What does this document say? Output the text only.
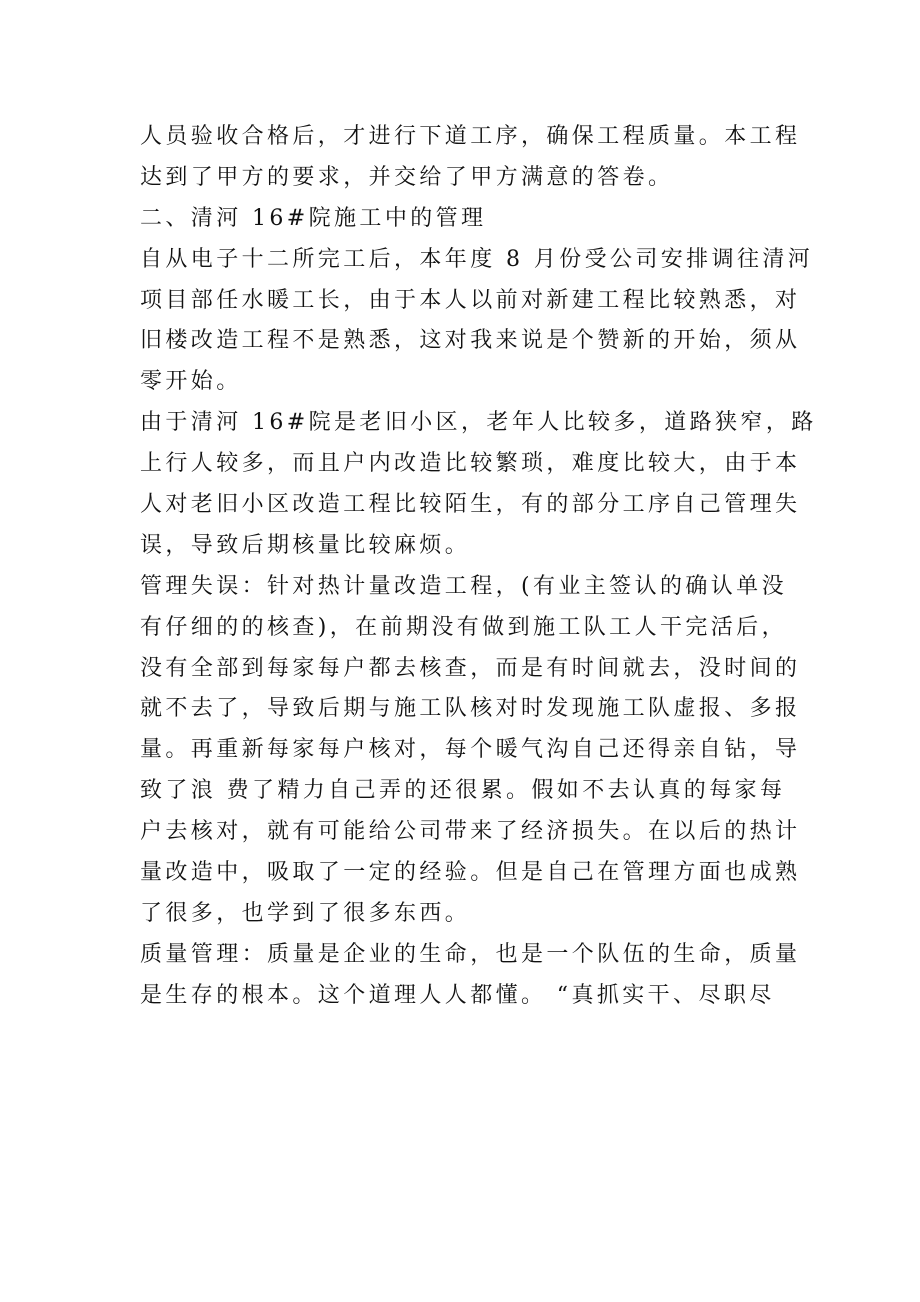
人员验收合格后，才进行下道工序，确保工程质量。本工程
达到了甲方的要求，并交给了甲方满意的答卷。
二、清河 16#院施工中的管理
自从电子十二所完工后，本年度 8 月份受公司安排调往清河
项目部任水暖工长，由于本人以前对新建工程比较熟悉，对
旧楼改造工程不是熟悉，这对我来说是个赞新的开始，须从
零开始。
由于清河 16#院是老旧小区，老年人比较多，道路狭窄，路
上行人较多，而且户内改造比较繁琐，难度比较大，由于本
人对老旧小区改造工程比较陌生，有的部分工序自己管理失
误，导致后期核量比较麻烦。
管理失误：针对热计量改造工程，(有业主签认的确认单没
有仔细的的核查)，在前期没有做到施工队工人干完活后，
没有全部到每家每户都去核查，而是有时间就去，没时间的
就不去了，导致后期与施工队核对时发现施工队虚报、多报
量。再重新每家每户核对，每个暖气沟自己还得亲自钻，导
致了浪 费了精力自己弄的还很累。假如不去认真的每家每
户去核对，就有可能给公司带来了经济损失。在以后的热计
量改造中，吸取了一定的经验。但是自己在管理方面也成熟
了很多，也学到了很多东西。
质量管理：质量是企业的生命，也是一个队伍的生命，质量
是生存的根本。这个道理人人都懂。 “真抓实干、尽职尽
